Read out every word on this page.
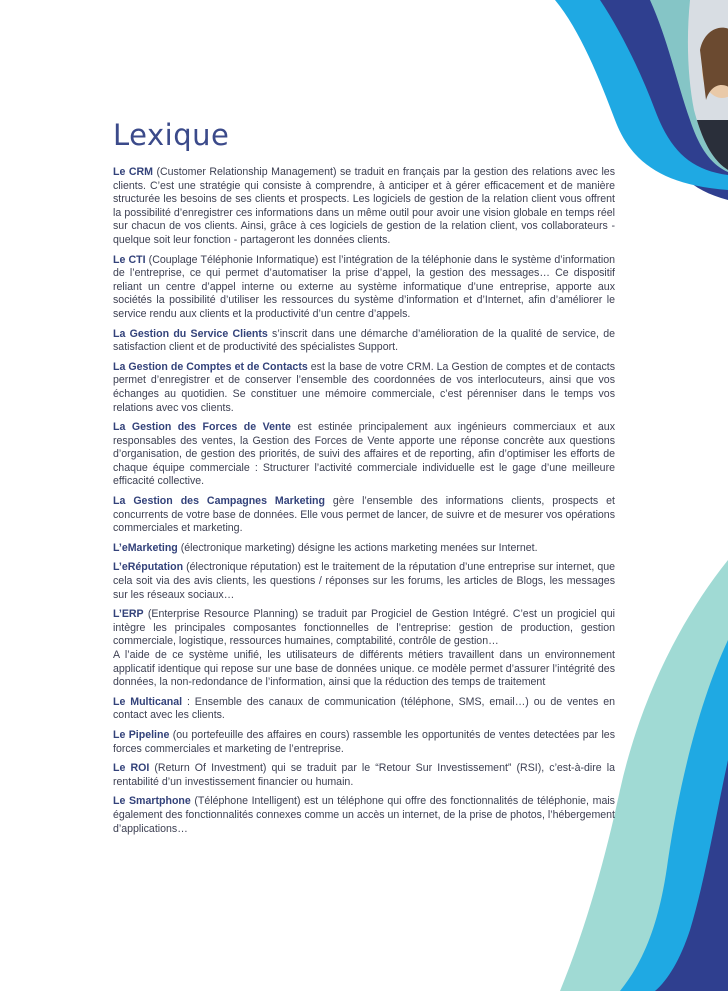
Lexique

Le CRM (Customer Relationship Management) se traduit en français par la gestion des relations avec les clients. C’est une stratégie qui consiste à comprendre, à anticiper et à gérer efficacement et de manière structurée les besoins de ses clients et prospects. Les logiciels de gestion de la relation client vous offrent la possibilité d’enregistrer ces informations dans un même outil pour avoir une vision globale en temps réel sur chacun de vos clients. Ainsi, grâce à ces logiciels de gestion de la relation client, vos collaborateurs - quelque soit leur fonction - partageront les données clients.

Le CTI (Couplage Téléphonie Informatique) est l’intégration de la téléphonie dans le système d’information de l’entreprise, ce qui permet d’automatiser la prise d’appel, la gestion des messages… Ce dispositif reliant un centre d’appel interne ou externe au système informatique d’une entreprise, apporte aux sociétés la possibilité d’utiliser les ressources du système d’information et d’Internet, afin d’améliorer le service rendu aux clients et la productivité d’un centre d’appels.

La Gestion du Service Clients s’inscrit dans une démarche d’amélioration de la qualité de service, de satisfaction client et de productivité des spécialistes Support.

La Gestion de Comptes et de Contacts est la base de votre CRM. La Gestion de comptes et de contacts permet d’enregistrer et de conserver l’ensemble des coordonnées de vos interlocuteurs, ainsi que vos échanges au quotidien. Se constituer une mémoire commerciale, c’est pérenniser dans le temps vos relations avec vos clients.

La Gestion des Forces de Vente est estinée principalement aux ingénieurs commerciaux et aux responsables des ventes, la Gestion des Forces de Vente apporte une réponse concrète aux questions d’organisation, de gestion des priorités, de suivi des affaires et de reporting, afin d’optimiser les efforts de chaque équipe commerciale : Structurer l’activité commerciale individuelle est le gage d’une meilleure efficacité collective.

La Gestion des Campagnes Marketing gère l’ensemble des informations clients, prospects et concurrents de votre base de données. Elle vous permet de lancer, de suivre et de mesurer vos opérations commerciales et marketing.

L’eMarketing (électronique marketing) désigne les actions marketing menées sur Internet.

L’eRéputation (électronique réputation) est le traitement de la réputation d’une entreprise sur internet, que cela soit via des avis clients, les questions / réponses sur les forums, les articles de Blogs, les messages sur les réseaux sociaux…

L’ERP (Enterprise Resource Planning) se traduit par Progiciel de Gestion Intégré. C’est un progiciel qui intègre les principales composantes fonctionnelles de l’entreprise: gestion de production, gestion commerciale, logistique, ressources humaines, comptabilité, contrôle de gestion…
A l’aide de ce système unifié, les utilisateurs de différents métiers travaillent dans un environnement applicatif identique qui repose sur une base de données unique. ce modèle permet d’assurer l’intégrité des données, la non-redondance de l’information, ainsi que la réduction des temps de traitement

Le Multicanal : Ensemble des canaux de communication (téléphone, SMS, email…) ou de ventes en contact avec les clients.

Le Pipeline (ou portefeuille des affaires en cours) rassemble les opportunités de ventes detectées par les forces commerciales et marketing de l’entreprise.

Le ROI (Return Of Investment) qui se traduit par le “Retour Sur Investissement” (RSI), c’est-à-dire la rentabilité d’un investissement financier ou humain.

Le Smartphone (Téléphone Intelligent) est un téléphone qui offre des fonctionnalités de téléphonie, mais également des fonctionnalités connexes comme un accès un internet, de la prise de photos, l’hébergement d’applications…
